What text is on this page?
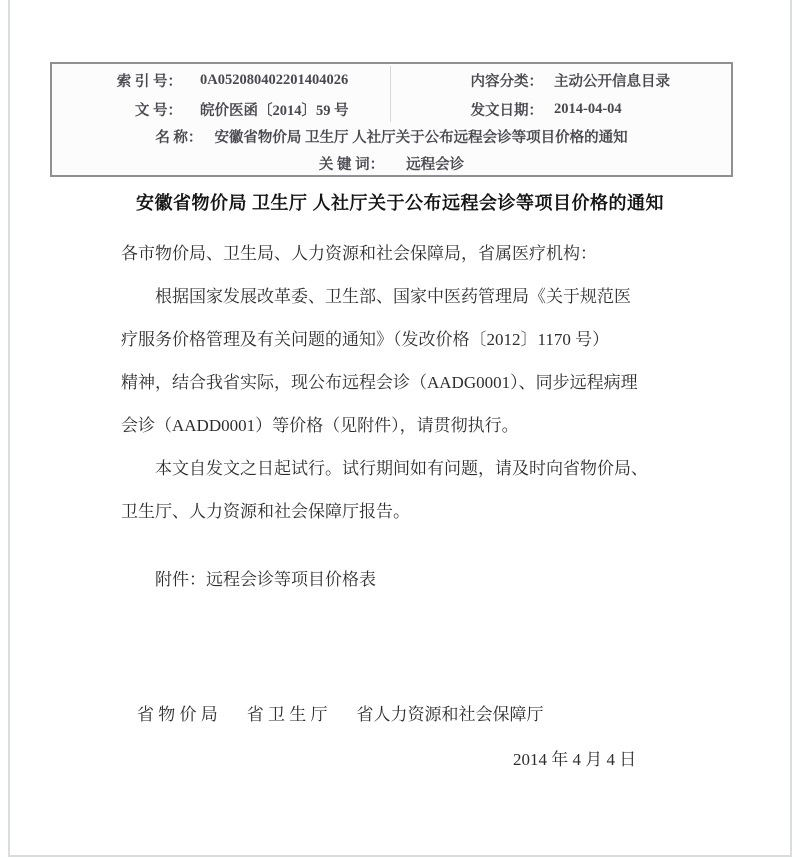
索 引 号： 0A052080402201404026
文 号： 皖价医函〔2014〕59 号
内容分类： 主动公开信息目录
发文日期： 2014-04-04
名 称： 安徽省物价局 卫生厅 人社厅关于公布远程会诊等项目价格的通知
关 键 词： 远程会诊
安徽省物价局 卫生厅 人社厅关于公布远程会诊等项目价格的通知
各市物价局、卫生局、人力资源和社会保障局，省属医疗机构：
根据国家发展改革委、卫生部、国家中医药管理局《关于规范医
疗服务价格管理及有关问题的通知》（发改价格〔2012〕1170 号）
精神，结合我省实际，现公布远程会诊（AADG0001）、同步远程病理
会诊（AADD0001）等价格（见附件），请贯彻执行。
本文自发文之日起试行。试行期间如有问题，请及时向省物价局、
卫生厅、人力资源和社会保障厅报告。
附件：远程会诊等项目价格表
省 物 价 局 省 卫 生 厅 省人力资源和社会保障厅
2014 年 4 月 4 日
